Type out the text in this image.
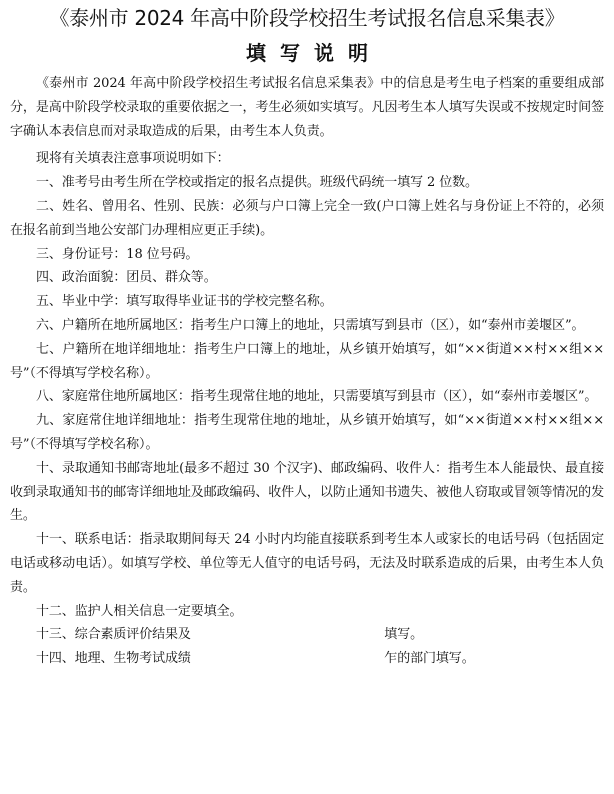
《泰州市 2024 年高中阶段学校招生考试报名信息采集表》
填写说明

《泰州市 2024 年高中阶段学校招生考试报名信息采集表》中的信息是考生电子档案的重要组成部分，是高中阶段学校录取的重要依据之一，考生必须如实填写。凡因考生本人填写失误或不按规定时间签字确认本表信息而对录取造成的后果，由考生本人负责。

现将有关填表注意事项说明如下：

一、准考号由考生所在学校或指定的报名点提供。班级代码统一填写 2 位数。

二、姓名、曾用名、性别、民族：必须与户口簿上完全一致(户口簿上姓名与身份证上不符的，必须在报名前到当地公安部门办理相应更正手续)。

三、身份证号：18 位号码。

四、政治面貌：团员、群众等。

五、毕业中学：填写取得毕业证书的学校完整名称。

六、户籍所在地所属地区：指考生户口簿上的地址，只需填写到县市（区），如“泰州市姜堰区”。

七、户籍所在地详细地址：指考生户口簿上的地址，从乡镇开始填写，如“××街道××村××组××号”（不得填写学校名称）。

八、家庭常住地所属地区：指考生现常住地的地址，只需要填写到县市（区），如“泰州市姜堰区”。

九、家庭常住地详细地址：指考生现常住地的地址，从乡镇开始填写，如“××街道××村××组××号”（不得填写学校名称）。

十、录取通知书邮寄地址(最多不超过 30 个汉字)、邮政编码、收件人：指考生本人能最快、最直接收到录取通知书的邮寄详细地址及邮政编码、收件人，以防止通知书遗失、被他人窃取或冒领等情况的发生。

十一、联系电话：指录取期间每天 24 小时内均能直接联系到考生本人或家长的电话号码（包括固定电话或移动电话）。如填写学校、单位等无人值守的电话号码，无法及时联系造成的后果，由考生本人负责。

十二、监护人相关信息一定要填全。

十三、综合素质评价结果及　　　　　　　　　　　　　　　填写。

十四、地理、生物考试成绩　　　　　　　　　　　　　　　乍的部门填写。
